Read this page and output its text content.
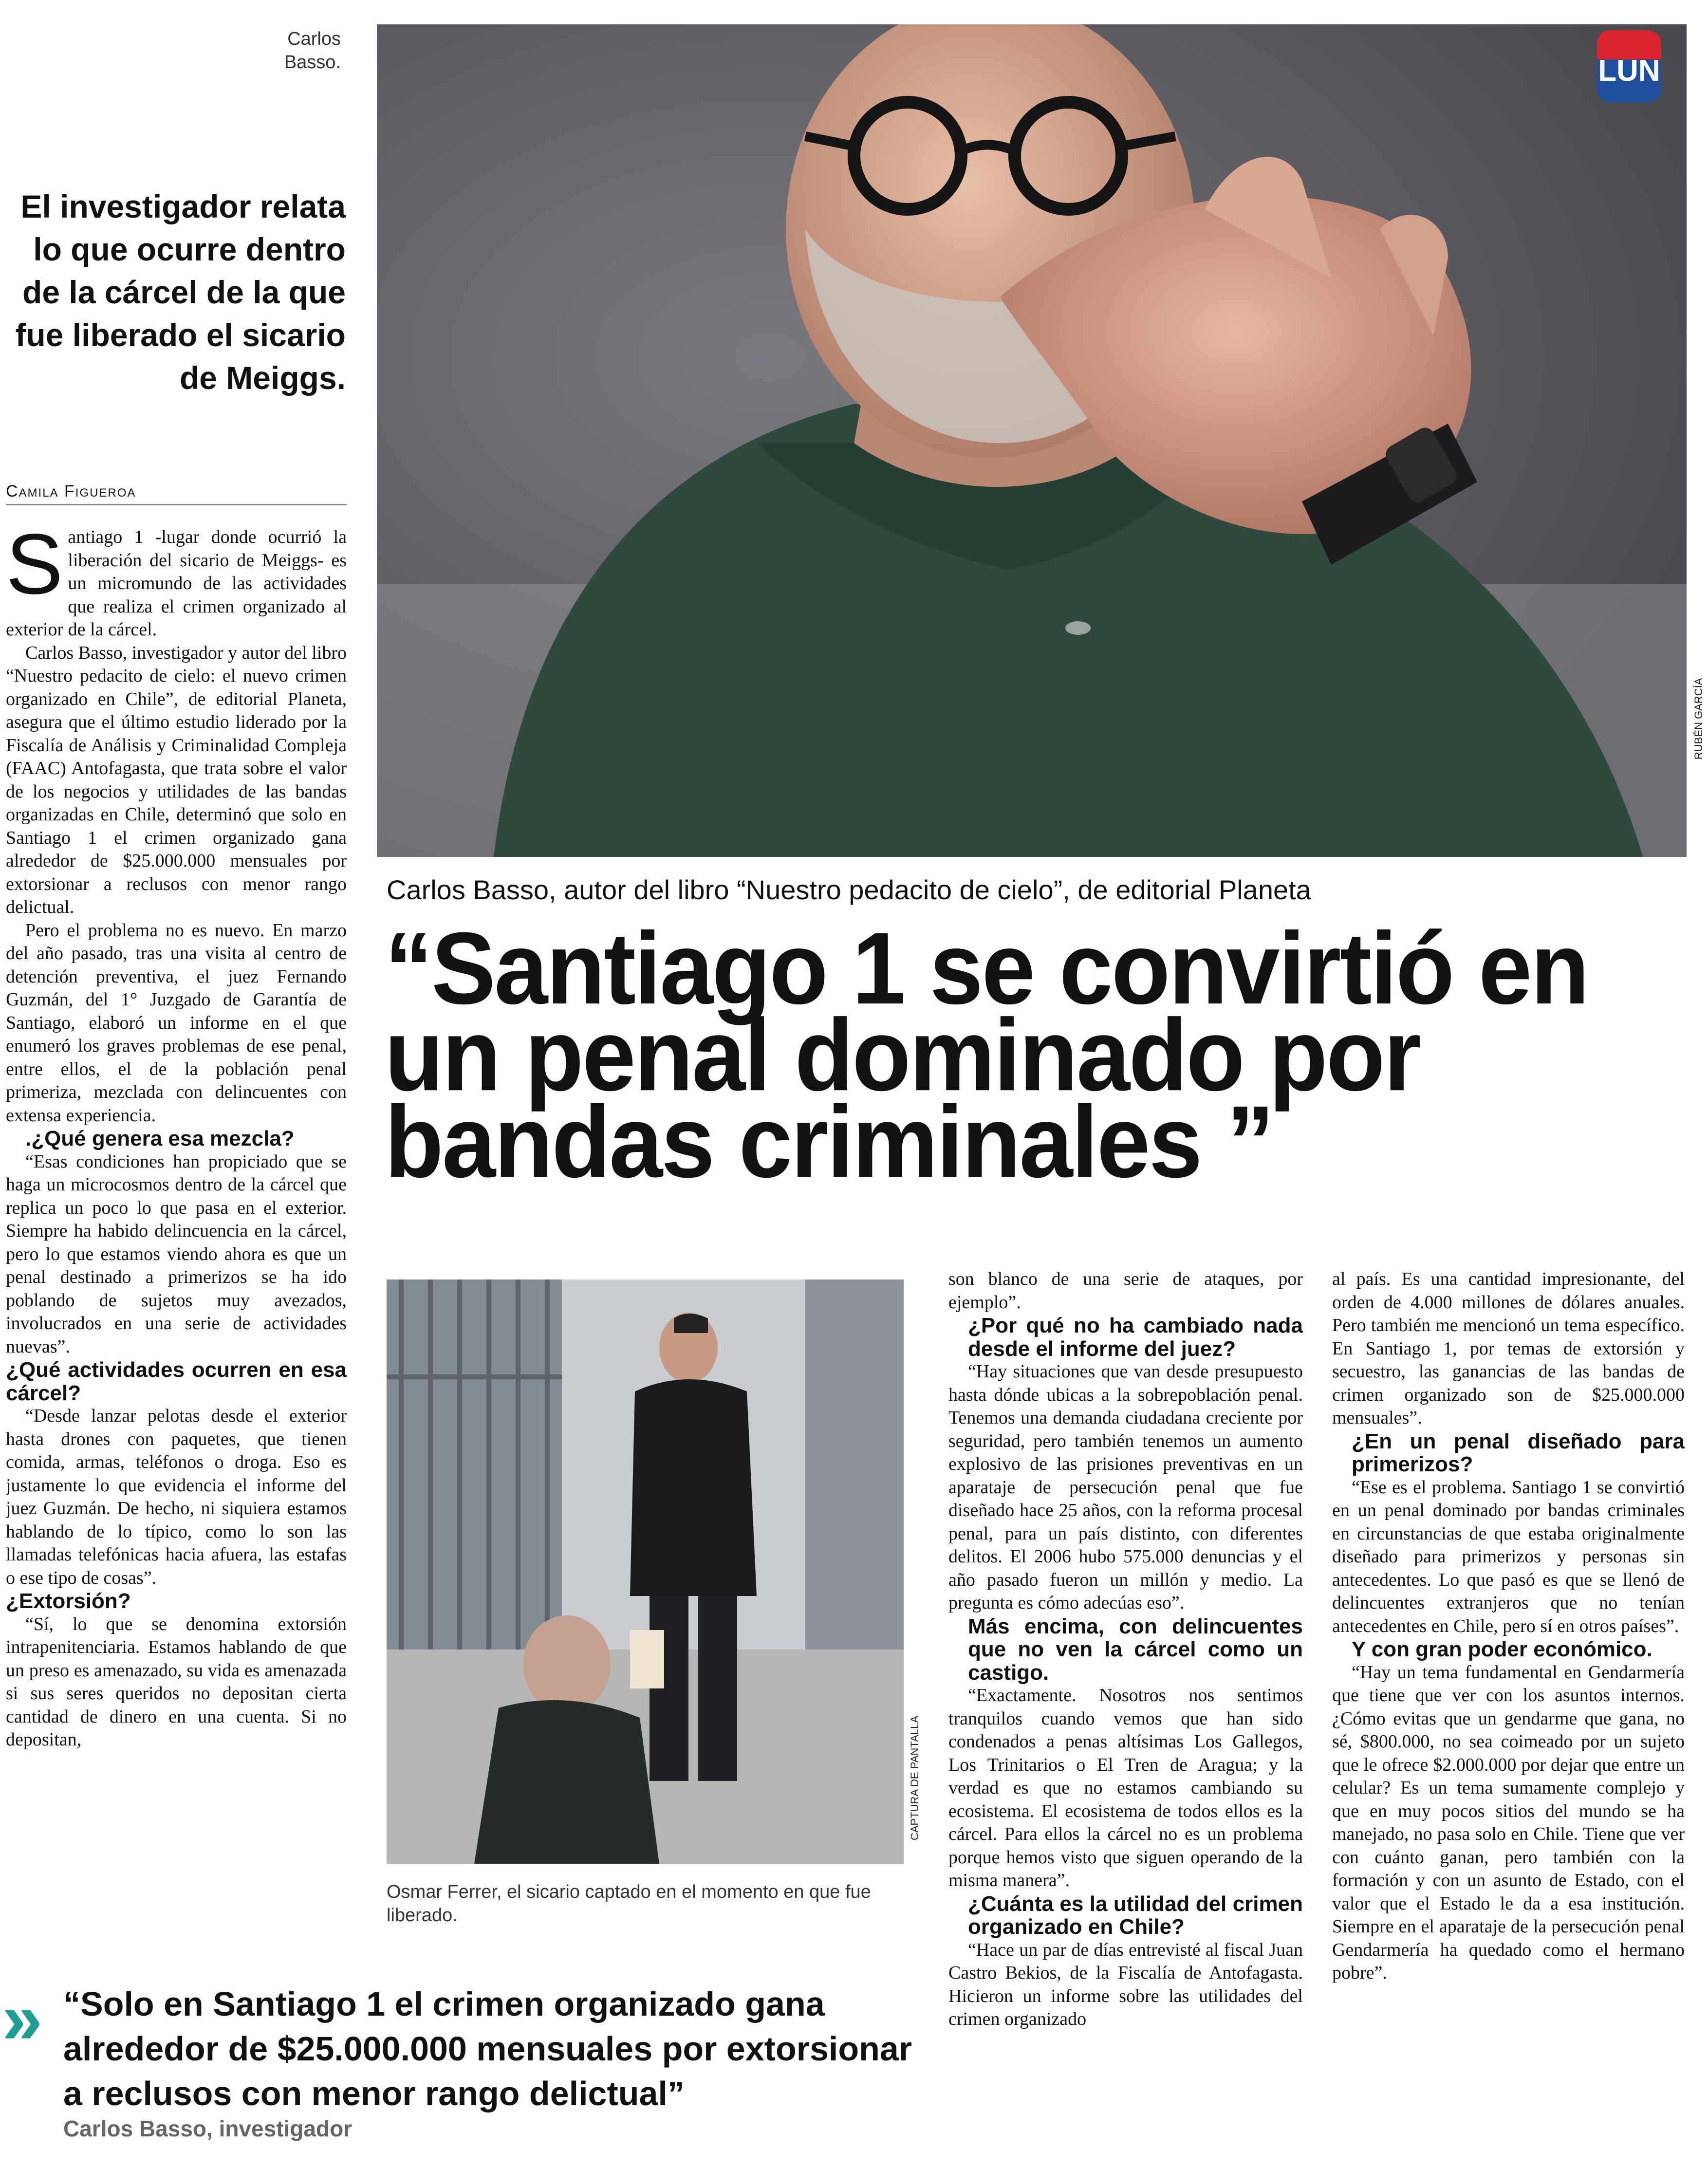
Carlos Basso.
El investigador relata lo que ocurre dentro de la cárcel de la que fue liberado el sicario de Meiggs.
Camila Figueroa

Santiago 1 -lugar donde ocurrió la liberación del sicario de Meiggs- es un micromundo de las actividades que realiza el crimen organizado al exterior de la cárcel.

Carlos Basso, investigador y autor del libro “Nuestro pedacito de cielo: el nuevo crimen organizado en Chile”, de editorial Planeta, asegura que el último estudio liderado por la Fiscalía de Análisis y Criminalidad Compleja (FAAC) Antofagasta, que trata sobre el valor de los negocios y utilidades de las bandas organizadas en Chile, determinó que solo en Santiago 1 el crimen organizado gana alrededor de $25.000.000 mensuales por extorsionar a reclusos con menor rango delictual.

Pero el problema no es nuevo. En marzo del año pasado, tras una visita al centro de detención preventiva, el juez Fernando Guzmán, del 1° Juzgado de Garantía de Santiago, elaboró un informe en el que enumeró los graves problemas de ese penal, entre ellos, el de la población penal primeriza, mezclada con delincuentes con extensa experiencia.

.¿Qué genera esa mezcla?

“Esas condiciones han propiciado que se haga un microcosmos dentro de la cárcel que replica un poco lo que pasa en el exterior. Siempre ha habido delincuencia en la cárcel, pero lo que estamos viendo ahora es que un penal destinado a primerizos se ha ido poblando de sujetos muy avezados, involucrados en una serie de actividades nuevas”.

¿Qué actividades ocurren en esa cárcel?

“Desde lanzar pelotas desde el exterior hasta drones con paquetes, que tienen comida, armas, teléfonos o droga. Eso es justamente lo que evidencia el informe del juez Guzmán. De hecho, ni siquiera estamos hablando de lo típico, como lo son las llamadas telefónicas hacia afuera, las estafas o ese tipo de cosas”.

¿Extorsión?

“Sí, lo que se denomina extorsión intrapenitenciaria. Estamos hablando de que un preso es amenazado, su vida es amenazada si sus seres queridos no depositan cierta cantidad de dinero en una cuenta. Si no depositan,

RUBÉN GARCÍA
LUN
Carlos Basso, autor del libro “Nuestro pedacito de cielo”, de editorial Planeta
“Santiago 1 se convirtió en un penal dominado por bandas criminales ”
CAPTURA DE PANTALLA
Osmar Ferrer, el sicario captado en el momento en que fue liberado.

son blanco de una serie de ataques, por ejemplo”.

¿Por qué no ha cambiado nada desde el informe del juez?

“Hay situaciones que van desde presupuesto hasta dónde ubicas a la sobrepoblación penal. Tenemos una demanda ciudadana creciente por seguridad, pero también tenemos un aumento explosivo de las prisiones preventivas en un aparataje de persecución penal que fue diseñado hace 25 años, con la reforma procesal penal, para un país distinto, con diferentes delitos. El 2006 hubo 575.000 denuncias y el año pasado fueron un millón y medio. La pregunta es cómo adecúas eso”.

Más encima, con delincuentes que no ven la cárcel como un castigo.

“Exactamente. Nosotros nos sentimos tranquilos cuando vemos que han sido condenados a penas altísimas Los Gallegos, Los Trinitarios o El Tren de Aragua; y la verdad es que no estamos cambiando su ecosistema. El ecosistema de todos ellos es la cárcel. Para ellos la cárcel no es un problema porque hemos visto que siguen operando de la misma manera”.

¿Cuánta es la utilidad del crimen organizado en Chile?

“Hace un par de días entrevisté al fiscal Juan Castro Bekios, de la Fiscalía de Antofagasta. Hicieron un informe sobre las utilidades del crimen organizado

al país. Es una cantidad impresionante, del orden de 4.000 millones de dólares anuales. Pero también me mencionó un tema específico. En Santiago 1, por temas de extorsión y secuestro, las ganancias de las bandas de crimen organizado son de $25.000.000 mensuales”.

¿En un penal diseñado para primerizos?

“Ese es el problema. Santiago 1 se convirtió en un penal dominado por bandas criminales en circunstancias de que estaba originalmente diseñado para primerizos y personas sin antecedentes. Lo que pasó es que se llenó de delincuentes extranjeros que no tenían antecedentes en Chile, pero sí en otros países”.

Y con gran poder económico.

“Hay un tema fundamental en Gendarmería que tiene que ver con los asuntos internos. ¿Cómo evitas que un gendarme que gana, no sé, $800.000, no sea coimeado por un sujeto que le ofrece $2.000.000 por dejar que entre un celular? Es un tema sumamente complejo y que en muy pocos sitios del mundo se ha manejado, no pasa solo en Chile. Tiene que ver con cuánto ganan, pero también con la formación y con un asunto de Estado, con el valor que el Estado le da a esa institución. Siempre en el aparataje de la persecución penal Gendarmería ha quedado como el hermano pobre”.

» “Solo en Santiago 1 el crimen organizado gana alrededor de $25.000.000 mensuales por extorsionar a reclusos con menor rango delictual”
Carlos Basso, investigador
